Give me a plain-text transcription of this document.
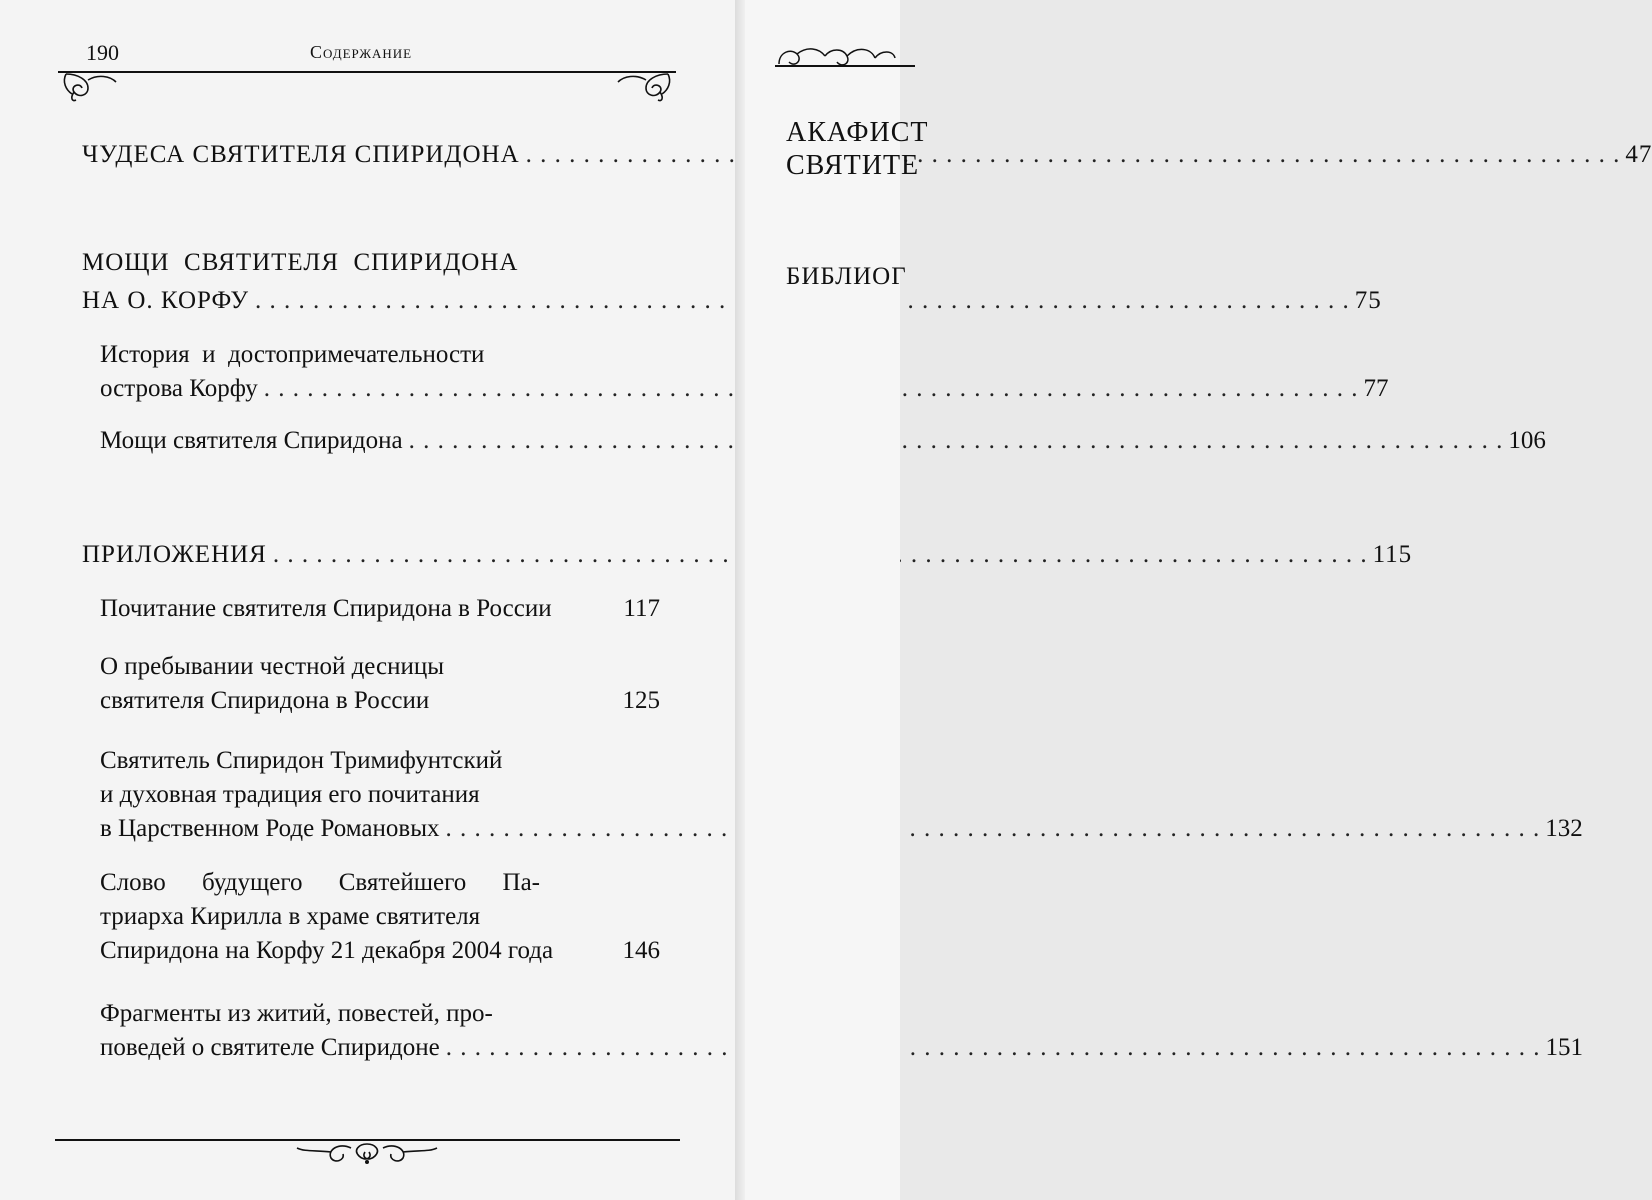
190	Содержание
ЧУДЕСА СВЯТИТЕЛЯ СПИРИДОНА . . .	47
МОЩИ  СВЯТИТЕЛЯ  СПИРИДОНА
НА О. КОРФУ . . .	75
История  и  достопримечательности
острова Корфу . . .	77
Мощи святителя Спиридона . . .	106
ПРИЛОЖЕНИЯ . . .	115
Почитание святителя Спиридона в России	117
О пребывании честной десницы
святителя Спиридона в России	125
Святитель Спиридон Тримифунтский
и духовная традиция его почитания
в Царственном Роде Романовых . . .	132
Слово будущего Святейшего Па-
триарха Кирилла в храме святителя
Спиридона на Корфу 21 декабря 2004 года	146
Фрагменты из житий, повестей, про-
поведей о святителе Спиридоне . . .	151
АКАФИСТ
СВЯТИТЕ
БИБЛИОГ
